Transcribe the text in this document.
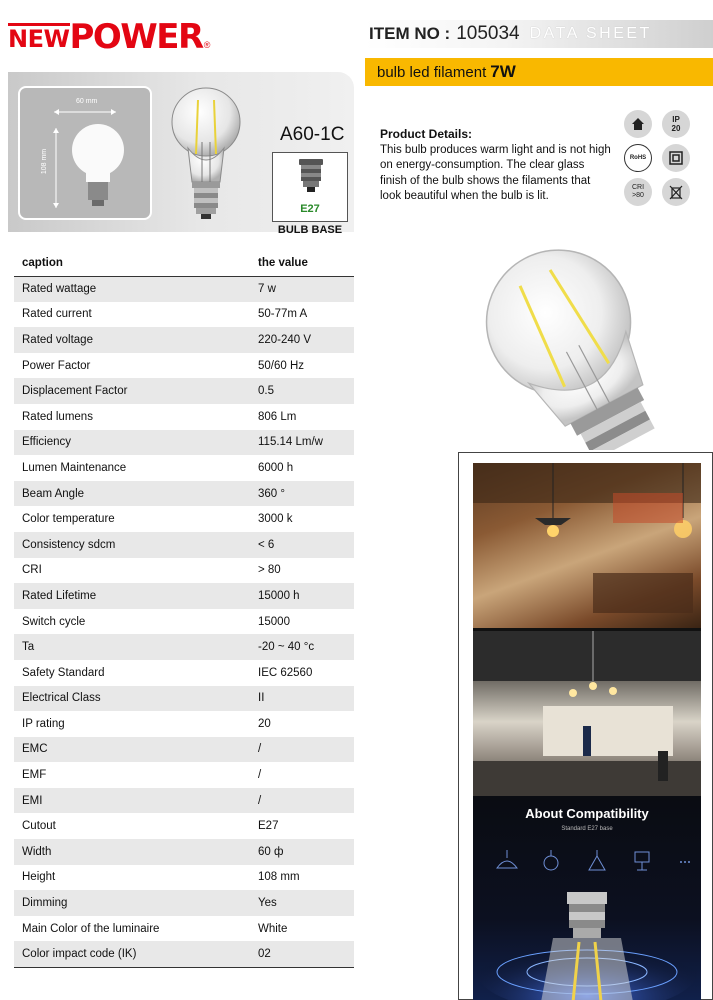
NEW POWER ®
ITEM NO : 105034 DATA SHEET
bulb led filament 7W
60 mm
108 mm
A60-1C
E27
BULB BASE
caption	the value
Rated wattage	7 w
Rated current	50-77m A
Rated voltage	220-240 V
Power Factor	50/60 Hz
Displacement Factor	0.5
Rated lumens	806 Lm
Efficiency	115.14 Lm/w
Lumen Maintenance	6000 h
Beam Angle	360 °
Color temperature	3000 k
Consistency sdcm	< 6
CRI	> 80
Rated Lifetime	15000 h
Switch cycle	15000
Ta	-20 ~ 40 °c
Safety Standard	IEC 62560
Electrical Class	II
IP rating	20
EMC	/
EMF	/
EMI	/
Cutout	E27
Width	60 ф
Height	108 mm
Dimming	Yes
Main Color of the luminaire	White
Color impact code (IK)	02
IP
20
RoHS
CRI
>80
Product Details:
This bulb produces warm light and is not high on energy-consumption. The clear glass finish of the bulb shows the filaments that look beautiful when the bulb is lit.
About Compatibility
Standard E27 base
